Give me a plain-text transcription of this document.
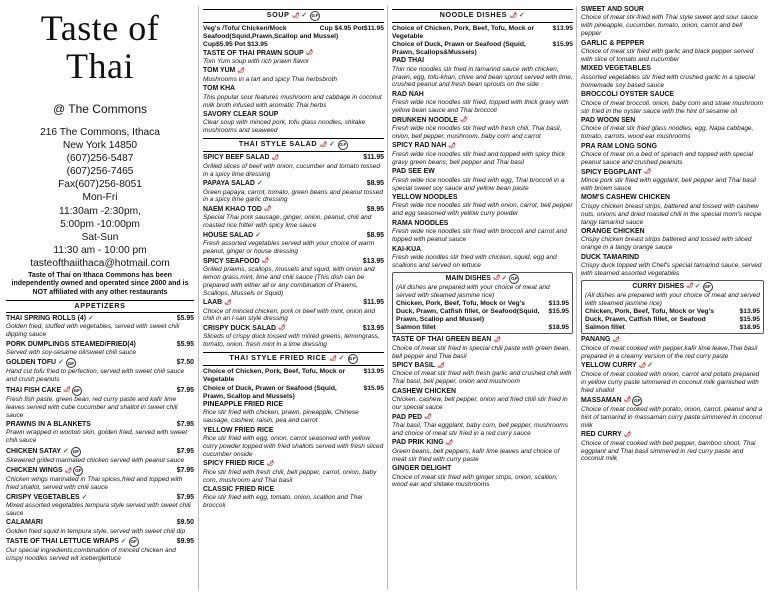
Taste of Thai
@ The Commons
216 The Commons, Ithaca
New York 14850
(607)256-5487
(607)256-7465
Fax(607)256-8051
Mon-Fri
11:30am -2:30pm,
5:00pm -10:00pm
Sat-Sun
11:30 am - 10:00 pm
tasteofthaiithaca@hotmail.com
Taste of Thai on Ithaca Commons has been independently owned and operated since 2000 and is NOT affiliated with any other restaurants
APPETIZERS
THAI SPRING ROLLS (4) ✓	$5.95
Golden fried, stuffed with vegetables, served with sweet chili dipping sauce
PORK DUMPLINGS STEAMED/FRIED(4)	$5.95
Served with soy-sesame oil/sweet chili sauce
GOLDEN TOFU ✓ GF	$7.50
Hand cut tofu fried to perfection, served with sweet chili sauce and crush peanuts
THAI FISH CAKE 🌶 GF	$7.95
Fresh fish paste, green bean, red curry paste and kafir lime leaves served with cube cucumber and shallot in sweet chili sauce
PRAWNS IN A BLANKETS	$7.95
Prawn wrapped in wonton skin, golden fried, served with sweet chili sauce
CHICKEN SATAY ✓ GF	$7.95
Skewered grilled marinated chicken served with peanut sauce
CHICKEN WINGS 🌶 GF	$7.95
Chicken wings marinated in Thai spices,fried and topped with fried shallot, served with chili sauce
CRISPY VEGETABLES ✓	$7.95
Mixed assorted vegetables tempura style served with sweet chili sauce
CALAMARI	$9.50
Golden fried squid in tempura style, served with sweet chili dip
TASTE OF THAI LETTUCE WRAPS ✓ GF	$9.95
Our special ingredients,combination of minced chicken and crispy noodles served wit iceberglettuce
SOUP 🌶 ✓ GF
Veg's /Tofu/ Chicken/Mock	Cup $4.95 Pot$11.95
Seafood(Squid,Prawn,Scallop and Mussel)
Cup$5.95 Pot $13.95
TASTE OF THAI PRAWN SOUP 🌶
Tom Yum soup with rich prawn flavor
TOM YUM 🌶
Mushrooms in a tart and spicy Thai herbsbroth
TOM KHA
This popular sour features mushroom and cabbage in coconut milk broth infused with aromatic Thai herbs
SAVORY CLEAR SOUP
Clear soup with minced pork, tofu glass noodles, shitake mushrooms and seaweed
THAI STYLE SALAD 🌶 ✓ GF
SPICY BEEF SALAD 🌶	$11.95
Grilled slices of beef with onion, cucumber and tomato tossed in a spicy lime dressing
PAPAYA SALAD ✓	$8.95
Green papaya, carrot, tomato, green beans and peanut tossed in a spicy lime garlic dressing
NAEM KHAO TOD 🌶	$9.95
Special Thai pork sausage, ginger, onion, peanut, chili and roasted rice fritter with spicy lime sauce
HOUSE SALAD ✓	$8.95
Fresh assorted vegetables served with your choice of warm peanut, ginger or house dressing
SPICY SEAFOOD 🌶	$13.95
Grilled prawns, scallops, mussels and squid, with onion and lemon grass,mint, lime and chili sauce (This dish can be prepared with either all or any combination of Prawns, Scallops, Mussels or Squid)
LAAB 🌶	$11.95
Choice of minced chicken, pork or beef with mint, onion and chili in an I-san style dressing
CRISPY DUCK SALAD 🌶	$13.95
Sliceds of crispy duck tossed with mixed greens, lemongrass, tomato, onion, fresh mint in a lime dressing
THAI STYLE FRIED RICE 🌶 ✓ GF
Choice of Chicken, Pork, Beef, Tofu, Mock or Vegetable
$13.95
Choice of Duck, Prawn or Seafood (Squid, Prawn, Scallop and Mussels)
$15.95
PINEAPPLE FRIED RICE
Rice stir fried with chicken, prawn, pineapple, Chinese sausage, cashew, raisin, pea and carrot
YELLOW FRIED RICE
Rice stir fried with egg, onion, carrot seasoned with yellow curry powder topped with fried shallots served with fresh sliced cucumber onside
SPICY FRIED RICE 🌶
Rice stir fried with fresh chili, bell pepper, carrot, onion, baby corn, mushroom and Thai basil
CLASSIC FRIED RICE
Rice stir fried with egg, tomato, onion, scallion and Thai broccoli
NOODLE DISHES 🌶 ✓
Choice of Chicken, Pork, Beef, Tofu, Mock or Vegetable
$13.95
Choice of Duck, Prawn or Seafood (Squid, Prawn, Scallops&Mussels)
$15.95
PAD THAI
Thin rice noodles stir fried in tamarind sauce with chicken, prawn, egg, tofu-khan, chive and bean sprout served with lime, crushed peanut and fresh bean sprouts on the side
RAD NAH
Fresh wide rice noodles stir fried, topped with thick gravy with yellow bean sauce and Thai broccoli
DRUNKEN NOODLE 🌶
Fresh wide rice noodles stir fried with fresh chili, Thai basil, onion, bell pepper, mushroom, baby corn and carrot
SPICY RAD NAH 🌶
Fresh wide rice noodles stir fried and topped with spicy thick gravy green beans, bell pepper and Thai basil
PAD SEE EW
Fresh wide rice noodles stir fried with egg, Thai broccoli in a special sweet soy sauce and yellow bean paste
YELLOW NOODLES
Fresh wide rice noodles stir fried with onion, carrot, bell pepper and egg seasoned with yellow curry powder
RAMA NOODLES
Fresh wide rice noodles stir fried with broccoli and carrot and topped with peanut sauce
KAI-KUA
Fresh wide noodles stir fried with chicken, squid, egg and scallions and served on lettuce
MAIN DISHES 🌶 ✓ GF
(All dishes are prepared with your choice of meat and served with steamed jasmine rice)
Chicken, Pork, Beef, Tofu, Mock or Veg's	$13.95
Duck, Prawn, Catfish fillet, or Seafood(Squid, Prawn, Scallop and Mussel)
$15.95
Salmon fillet	$18.95
TASTE OF THAI GREEN BEAN 🌶
Choice of meat stir fried in special chili paste with green bean, bell pepper and Thai basil
SPICY BASIL 🌶
Choice of meat stir fried with fresh garlic and crushed chili with Thai basil, bell pepper, onion and mushroom
CASHEW CHICKEN
Chicken, cashew, bell pepper, onion and fried chili stir fried in our special sauce
PAD PED 🌶
Thai basil, Thai eggplant, baby corn, bell pepper, mushrooms and choice of meat stir fried in a red curry sauce
PAD PRIK KING 🌶
Green beans, bell peppers, kafir lime leaves and choice of meat stir fried with curry paste
GINGER DELIGHT
Choice of meat stir fried with ginger strips, onion, scallion, wood ear and shitake mushrooms
SWEET AND SOUR
Choice of meat stir-fried with Thai style sweet and sour sauce with pineapple, cucumber, tomato, onion, carrot and bell pepper
GARLIC & PEPPER
Choice of meat stir fried with garlic and black pepper served with slice of tomato and cucumber
MIXED VEGETABLES
Assorted vegetables stir fried with crushed garlic in a special homemade soy based sauce
BROCCOLI OYSTER SAUCE
Choice of meat broccoli, onion, baby corn and straw mushroom stir fried in the oyster sauce with the hint of sesame oil
PAD WOON SEN
Choice of meat stir fried glass noodles, egg, Napa cabbage, tomato, carrots, wood ear mushrooms
PRA RAM LONG SONG
Choice of meat on a bed of spinach and topped with special peanut sauce and crushed peanuts
SPICY EGGPLANT 🌶
Mince pork stir fried with eggplant, bell pepper and Thai basil with brown sauce
MOM'S CASHEW CHICKEN
Crispy chicken breast strips, battered and tossed with cashew nuts, onions and dried roasted chili in the special mom's recipe tangy tamarind sauce
ORANGE CHICKEN
Crispy chicken breast strips battered and tossed with sliced orange in a tangy orange sauce
DUCK TAMARIND
Crispy duck topped with Chef's special tamarind sauce, served with steamed assorted vegetables
CURRY DISHES 🌶 ✓ GF
(All dishes are prepared with your choice of meat and served with steamed jasmine rice)
Chicken, Pork, Beef, Tofu, Mock or Veg's	$13.95
Duck, Prawn, Catfish fillet, or Seafood	$15.95
Salmon fillet	$18.95
PANANG 🌶
Choice of meat cooked with pepper,kafir lime leave,Thai basil prepared in a creamy version of the red curry paste
YELLOW CURRY 🌶 ✓
Choice of meat cooked with onion, carrot and potato prepared in yellow curry paste simmered in coconut milk garnished with fried shallot
MASSAMAN 🌶 GF
Choice of meat cooked with potato, onion, carrot, peanut and a hint of tamarind in massaman curry paste simmered in coconut milk
RED CURRY 🌶
Choice of meat cooked with bell pepper, bamboo shoot, Thai eggplant and Thai basil simmered in red curry paste and coconut milk
